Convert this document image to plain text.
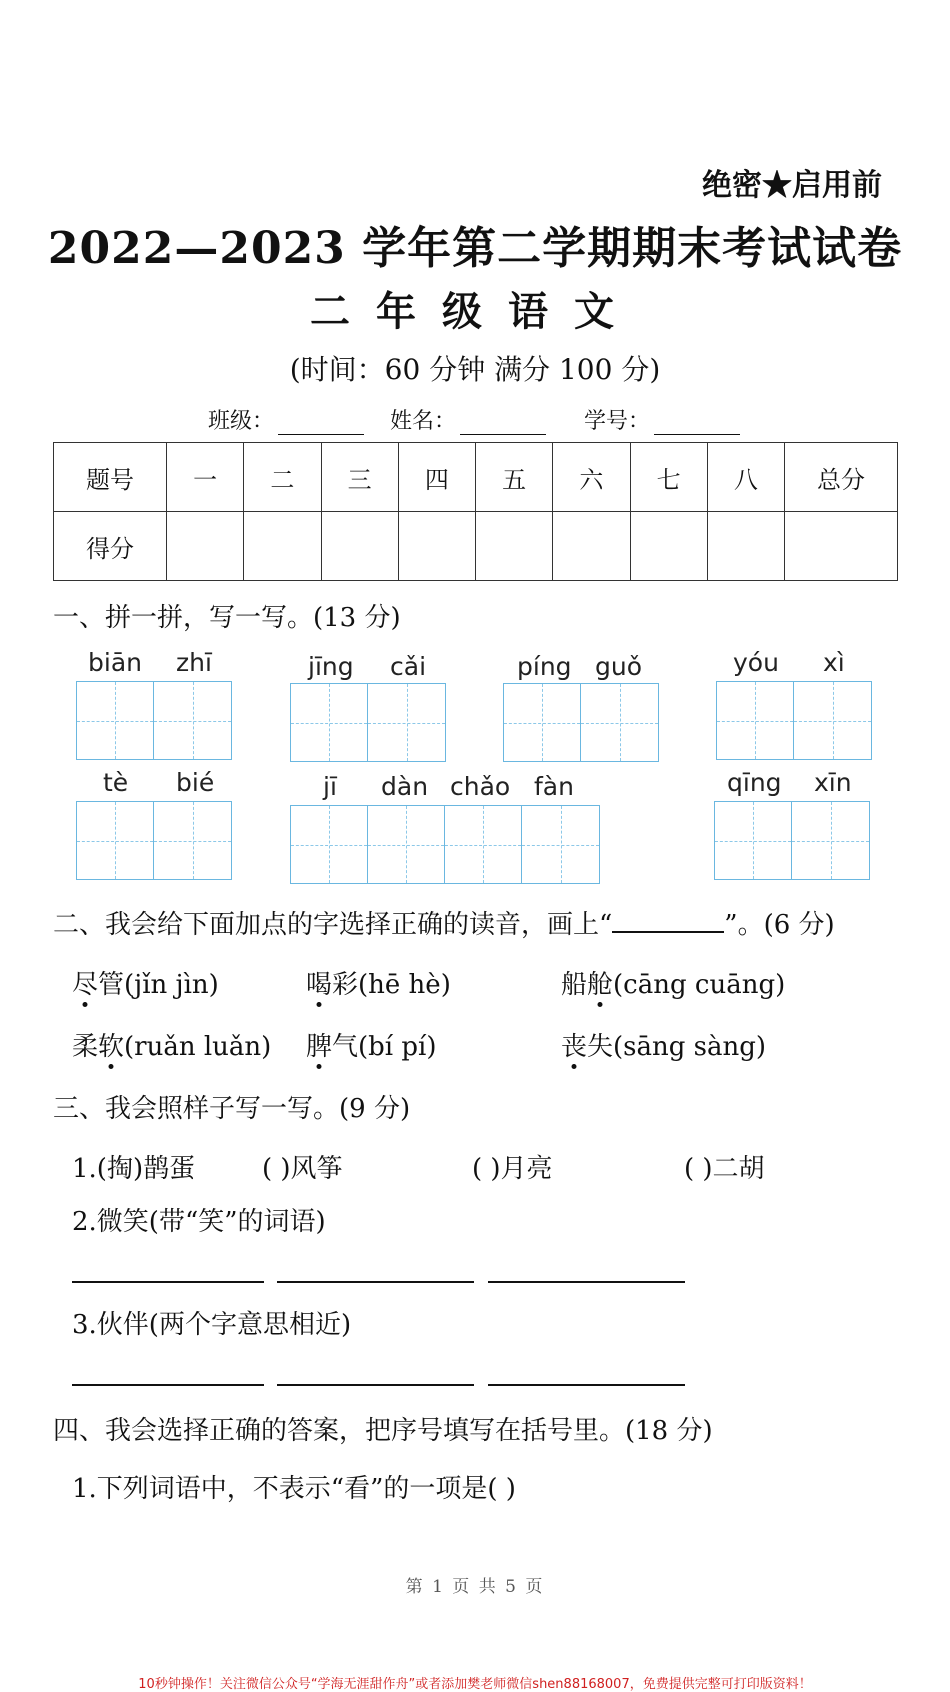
绝密★启用前
2022—2023 学年第二学期期末考试试卷
二年级语文
(时间：60 分钟 满分 100 分)
班级：	姓名：	学号：
题号	一	二	三	四	五	六	七	八	总分
得分									
一、拼一拼，写一写。(13 分)
biān zhī	jīng cǎi	píng guǒ	yóu xì
tè bié	jī dàn chǎo fàn	qīng xīn
二、我会给下面加点的字选择正确的读音，画上“	”。(6 分)
尽管(jǐn jìn)	喝彩(hē hè)	船舱(cāng cuāng)
柔软(ruǎn luǎn) 脾气(bí pí)	丧失(sāng sàng)
三、我会照样子写一写。(9 分)
1.(掏)鹊蛋	( )风筝	( )月亮	( )二胡
2.微笑(带“笑”的词语)
3.伙伴(两个字意思相近)
四、我会选择正确的答案，把序号填写在括号里。(18 分)
1.下列词语中，不表示“看”的一项是( )
第 1 页 共 5 页
10秒钟操作！关注微信公众号“学海无涯甜作舟”或者添加樊老师微信shen88168007，免费提供完整可打印版资料！
